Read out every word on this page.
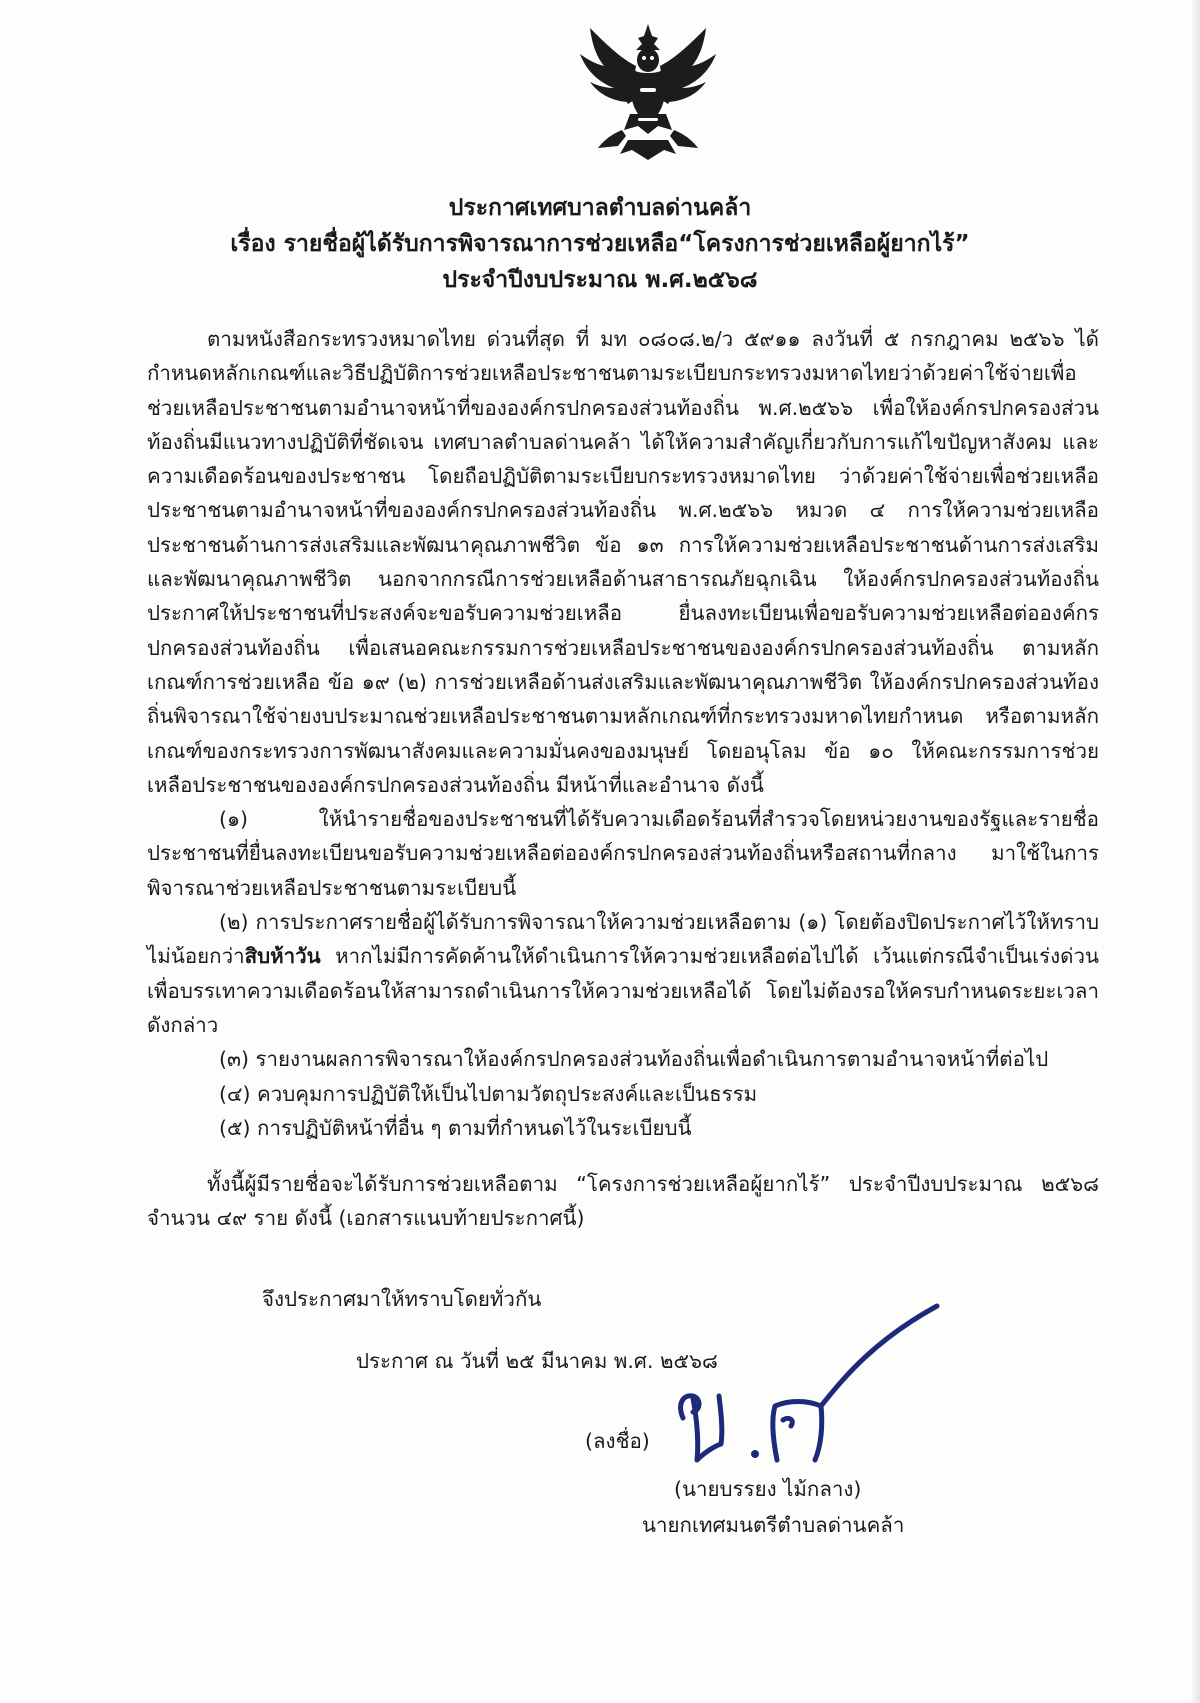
ประกาศเทศบาลตำบลด่านคล้า
เรื่อง รายชื่อผู้ได้รับการพิจารณาการช่วยเหลือ“โครงการช่วยเหลือผู้ยากไร้”
ประจำปีงบประมาณ พ.ศ.๒๕๖๘

ตามหนังสือกระทรวงหมาดไทย ด่วนที่สุด ที่ มท ๐๘๐๘.๒/ว ๕๙๑๑ ลงวันที่ ๕ กรกฎาคม ๒๕๖๖ ได้กำหนดหลักเกณฑ์และวิธีปฏิบัติการช่วยเหลือประชาชนตามระเบียบกระทรวงมหาดไทยว่าด้วยค่าใช้จ่ายเพื่อช่วยเหลือประชาชนตามอำนาจหน้าที่ขององค์กรปกครองส่วนท้องถิ่น พ.ศ.๒๕๖๖ เพื่อให้องค์กรปกครองส่วนท้องถิ่นมีแนวทางปฏิบัติที่ชัดเจน เทศบาลตำบลด่านคล้า ได้ให้ความสำคัญเกี่ยวกับการแก้ไขปัญหาสังคม และความเดือดร้อนของประชาชน โดยถือปฏิบัติตามระเบียบกระทรวงหมาดไทย ว่าด้วยค่าใช้จ่ายเพื่อช่วยเหลือประชาชนตามอำนาจหน้าที่ขององค์กรปกครองส่วนท้องถิ่น พ.ศ.๒๕๖๖ หมวด ๔ การให้ความช่วยเหลือประชาชนด้านการส่งเสริมและพัฒนาคุณภาพชีวิต ข้อ ๑๓ การให้ความช่วยเหลือประชาชนด้านการส่งเสริมและพัฒนาคุณภาพชีวิต นอกจากกรณีการช่วยเหลือด้านสาธารณภัยฉุกเฉิน ให้องค์กรปกครองส่วนท้องถิ่นประกาศให้ประชาชนที่ประสงค์จะขอรับความช่วยเหลือ ยื่นลงทะเบียนเพื่อขอรับความช่วยเหลือต่อองค์กรปกครองส่วนท้องถิ่น เพื่อเสนอคณะกรรมการช่วยเหลือประชาชนขององค์กรปกครองส่วนท้องถิ่น ตามหลักเกณฑ์การช่วยเหลือ ข้อ ๑๙ (๒) การช่วยเหลือด้านส่งเสริมและพัฒนาคุณภาพชีวิต ให้องค์กรปกครองส่วนท้องถิ่นพิจารณาใช้จ่ายงบประมาณช่วยเหลือประชาชนตามหลักเกณฑ์ที่กระทรวงมหาดไทยกำหนด หรือตามหลักเกณฑ์ของกระทรวงการพัฒนาสังคมและความมั่นคงของมนุษย์ โดยอนุโลม ข้อ ๑๐ ให้คณะกรรมการช่วยเหลือประชาชนขององค์กรปกครองส่วนท้องถิ่น มีหน้าที่และอำนาจ ดังนี้

(๑) ให้นำรายชื่อของประชาชนที่ได้รับความเดือดร้อนที่สำรวจโดยหน่วยงานของรัฐและรายชื่อประชาชนที่ยื่นลงทะเบียนขอรับความช่วยเหลือต่อองค์กรปกครองส่วนท้องถิ่นหรือสถานที่กลาง มาใช้ในการพิจารณาช่วยเหลือประชาชนตามระเบียบนี้

(๒) การประกาศรายชื่อผู้ได้รับการพิจารณาให้ความช่วยเหลือตาม (๑) โดยต้องปิดประกาศไว้ให้ทราบไม่น้อยกว่าสิบห้าวัน หากไม่มีการคัดค้านให้ดำเนินการให้ความช่วยเหลือต่อไปได้ เว้นแต่กรณีจำเป็นเร่งด่วนเพื่อบรรเทาความเดือดร้อนให้สามารถดำเนินการให้ความช่วยเหลือได้ โดยไม่ต้องรอให้ครบกำหนดระยะเวลาดังกล่าว

(๓) รายงานผลการพิจารณาให้องค์กรปกครองส่วนท้องถิ่นเพื่อดำเนินการตามอำนาจหน้าที่ต่อไป

(๔) ควบคุมการปฏิบัติให้เป็นไปตามวัตถุประสงค์และเป็นธรรม

(๕) การปฏิบัติหน้าที่อื่น ๆ ตามที่กำหนดไว้ในระเบียบนี้

ทั้งนี้ผู้มีรายชื่อจะได้รับการช่วยเหลือตาม “โครงการช่วยเหลือผู้ยากไร้” ประจำปีงบประมาณ ๒๕๖๘ จำนวน ๔๙ ราย ดังนี้ (เอกสารแนบท้ายประกาศนี้)

จึงประกาศมาให้ทราบโดยทั่วกัน
ประกาศ ณ วันที่ ๒๕ มีนาคม พ.ศ. ๒๕๖๘
(ลงชื่อ)
(นายบรรยง ไม้กลาง)
นายกเทศมนตรีตำบลด่านคล้า
